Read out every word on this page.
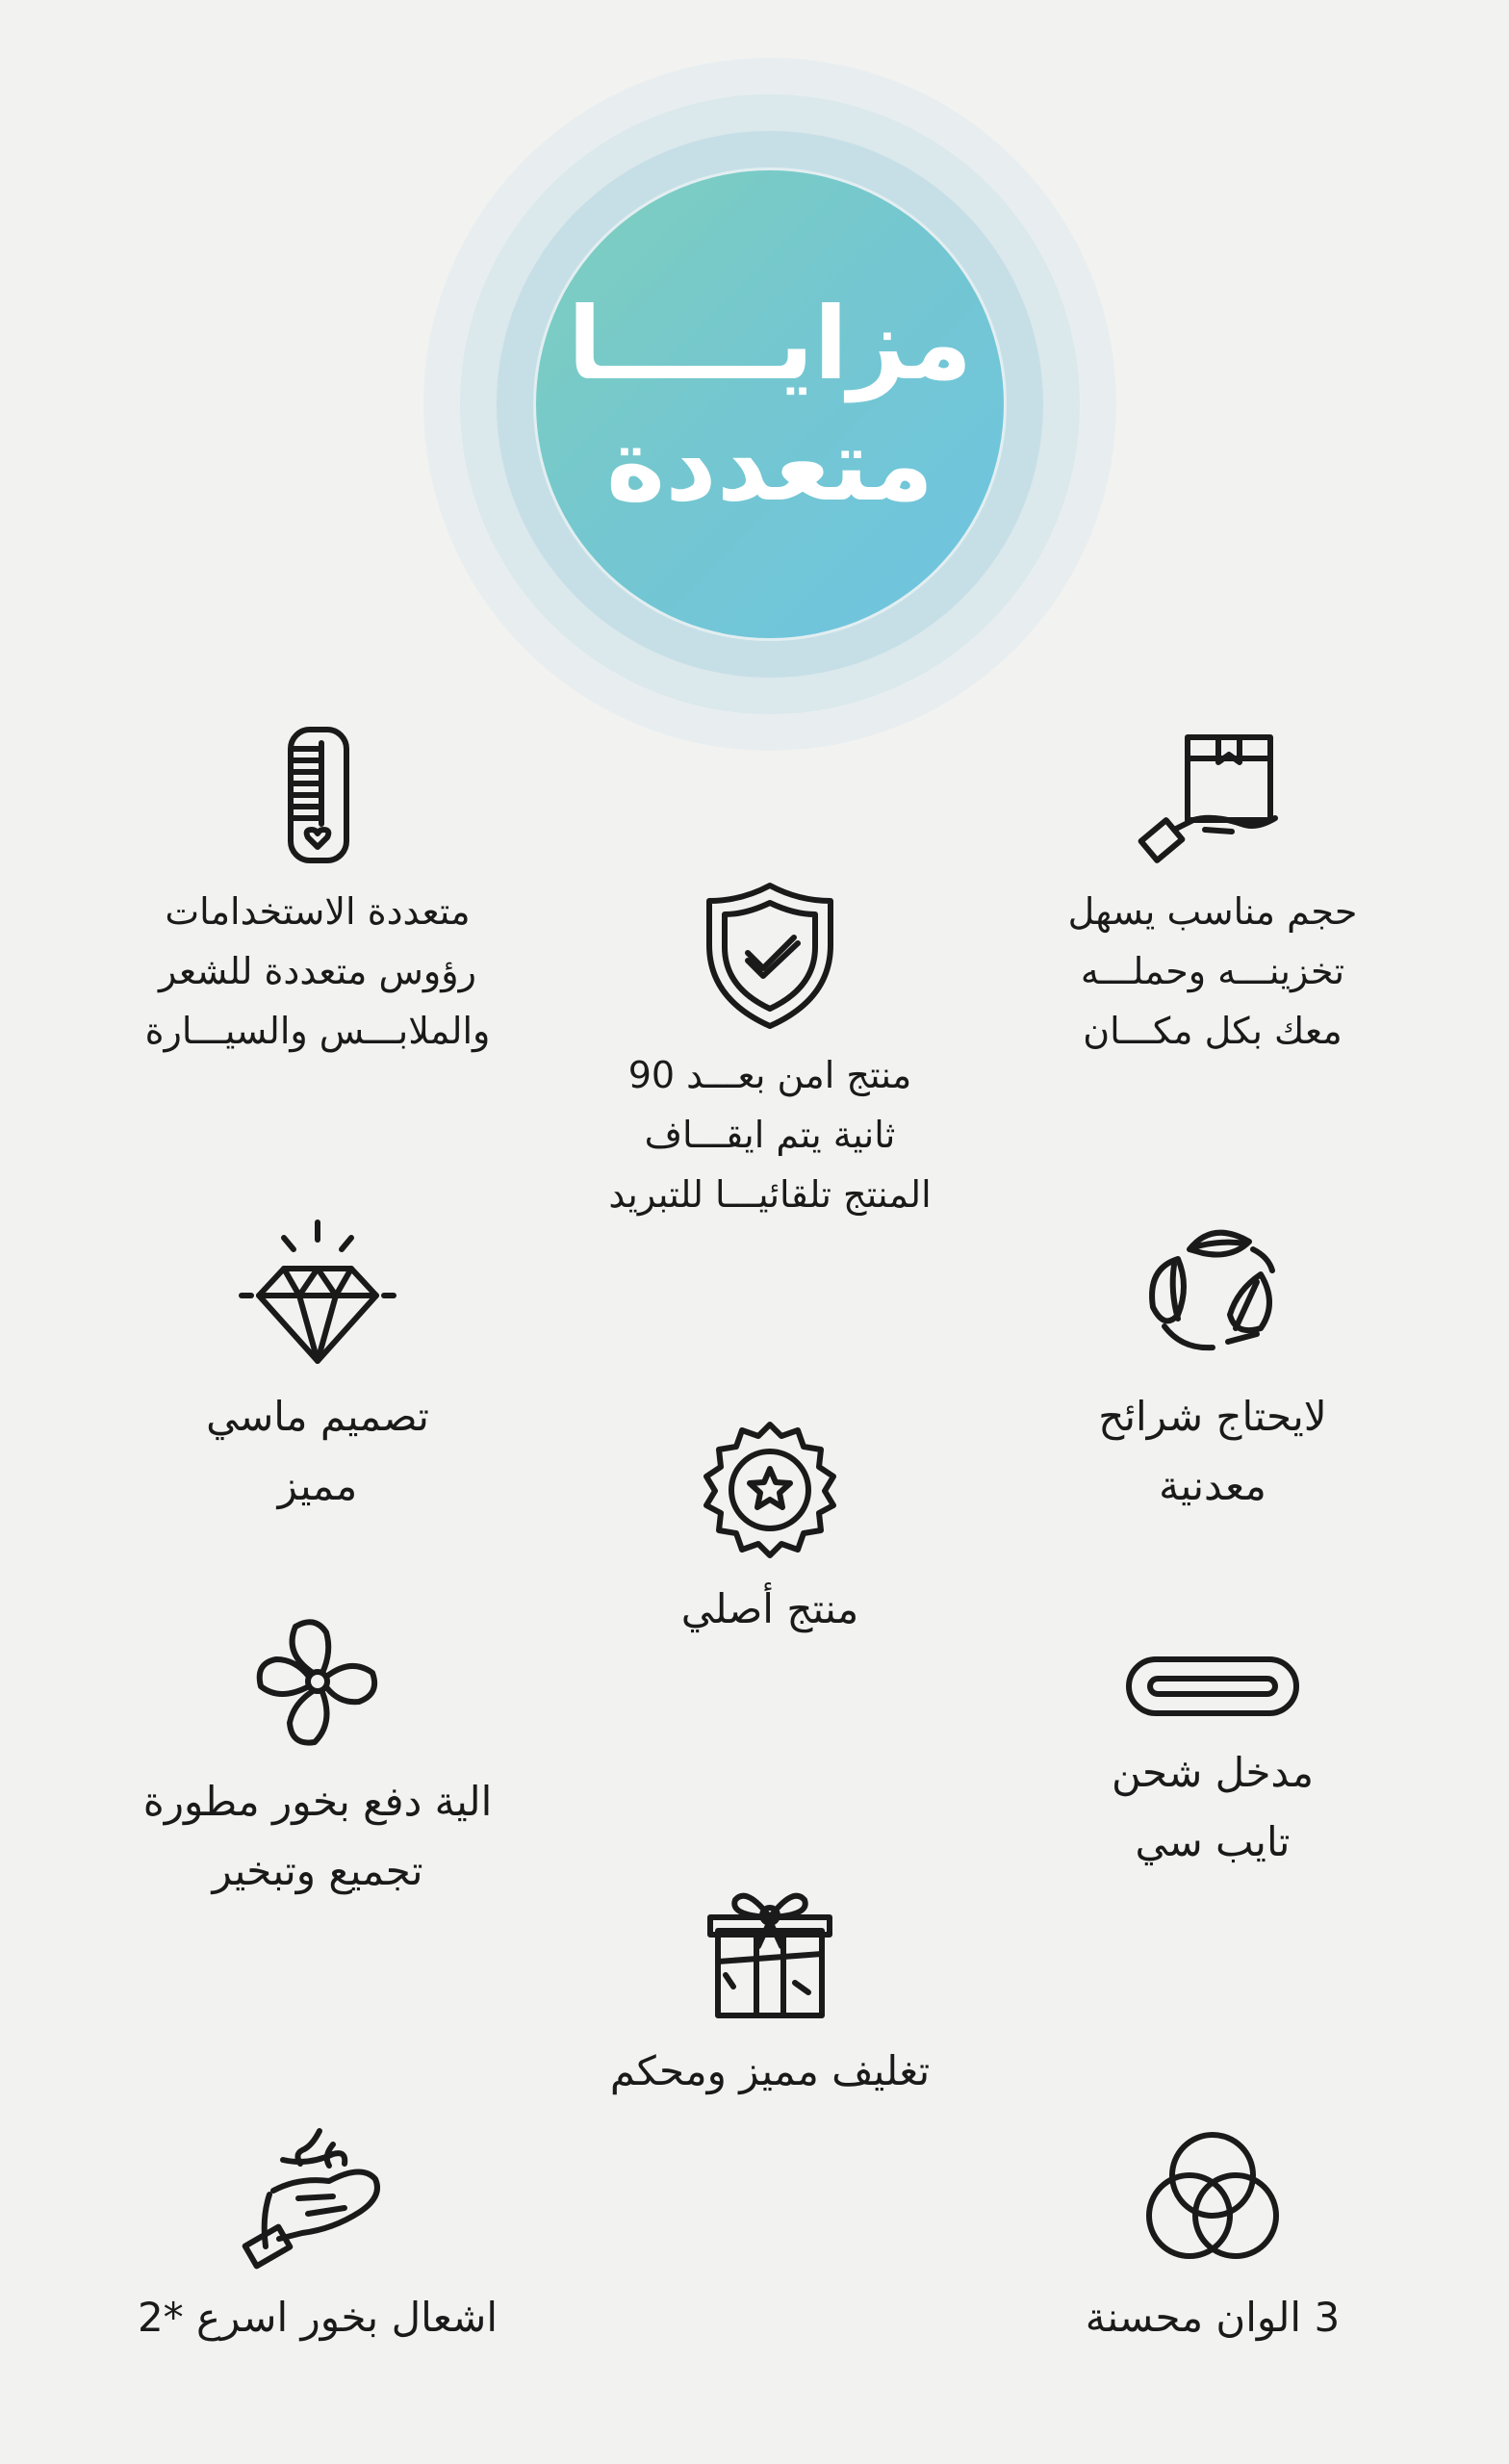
مزايـــــا
متعددة
حجم مناسب يسهل
تخزينـــه وحملـــه
معك بكل مكـــان
متعددة الاستخدامات
رؤوس متعددة للشعر
والملابـــس والسيـــارة
منتج امن بعـــد 90
ثانية يتم ايقـــاف
المنتج تلقائيـــا للتبريد
لايحتاج شرائح
معدنية
تصميم ماسي
مميز
منتج أصلي
مدخل شحن
تايب سي
الية دفع بخور مطورة
تجميع وتبخير
تغليف مميز ومحكم
3 الوان محسنة
اشعال بخور اسرع *2
